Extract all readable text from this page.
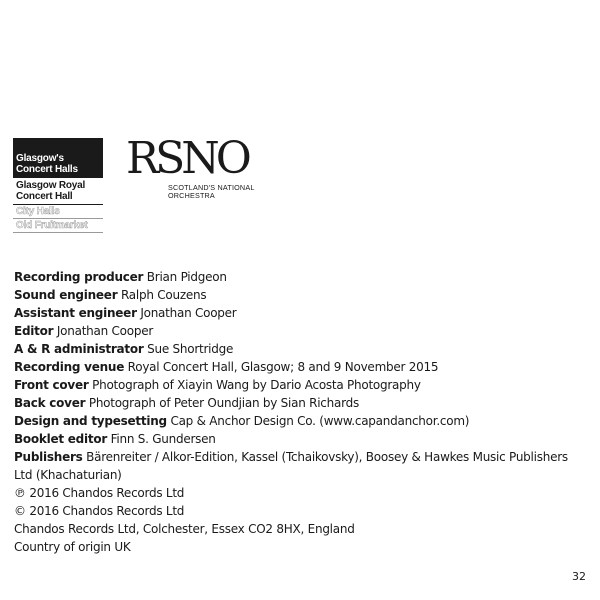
Glasgow's
Concert Halls
Glasgow Royal
Concert Hall
City Halls
Old Fruitmarket
RSNO
SCOTLAND'S NATIONAL
ORCHESTRA
Recording producer Brian Pidgeon
Sound engineer Ralph Couzens
Assistant engineer Jonathan Cooper
Editor Jonathan Cooper
A & R administrator Sue Shortridge
Recording venue Royal Concert Hall, Glasgow; 8 and 9 November 2015
Front cover Photograph of Xiayin Wang by Dario Acosta Photography
Back cover Photograph of Peter Oundjian by Sian Richards
Design and typesetting Cap & Anchor Design Co. (www.capandanchor.com)
Booklet editor Finn S. Gundersen
Publishers Bärenreiter / Alkor-Edition, Kassel (Tchaikovsky), Boosey & Hawkes Music Publishers Ltd (Khachaturian)
℗ 2016 Chandos Records Ltd
© 2016 Chandos Records Ltd
Chandos Records Ltd, Colchester, Essex CO2 8HX, England
Country of origin UK
32
